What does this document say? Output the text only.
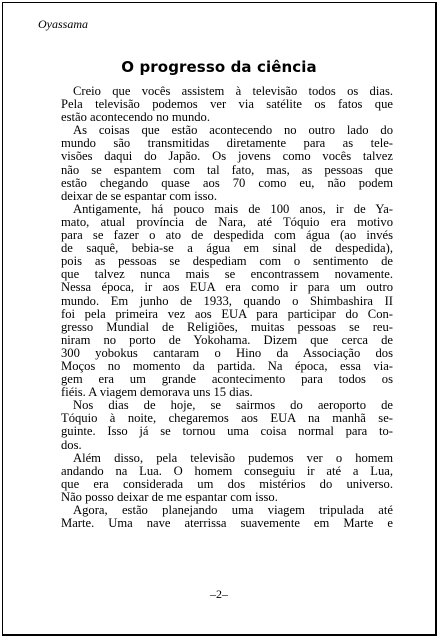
Oyassama
O progresso da ciência
Creio que vocês assistem à televisão todos os dias.
Pela televisão podemos ver via satélite os fatos que
estão acontecendo no mundo.
As coisas que estão acontecendo no outro lado do
mundo são transmitidas diretamente para as tele-
visões daqui do Japão. Os jovens como vocês talvez
não se espantem com tal fato, mas, as pessoas que
estão chegando quase aos 70 como eu, não podem
deixar de se espantar com isso.
Antigamente, há pouco mais de 100 anos, ir de Ya-
mato, atual província de Nara, até Tóquio era motivo
para se fazer o ato de despedida com água (ao invés
de saquê, bebia-se a água em sinal de despedida),
pois as pessoas se despediam com o sentimento de
que talvez nunca mais se encontrassem novamente.
Nessa época, ir aos EUA era como ir para um outro
mundo. Em junho de 1933, quando o Shimbashira II
foi pela primeira vez aos EUA para participar do Con-
gresso Mundial de Religiões, muitas pessoas se reu-
niram no porto de Yokohama. Dizem que cerca de
300 yobokus cantaram o Hino da Associação dos
Moços no momento da partida. Na época, essa via-
gem era um grande acontecimento para todos os
fiéis. A viagem demorava uns 15 dias.
Nos dias de hoje, se sairmos do aeroporto de
Tóquio à noite, chegaremos aos EUA na manhã se-
guinte. Isso já se tornou uma coisa normal para to-
dos.
Além disso, pela televisão pudemos ver o homem
andando na Lua. O homem conseguiu ir até a Lua,
que era considerada um dos mistérios do universo.
Não posso deixar de me espantar com isso.
Agora, estão planejando uma viagem tripulada até
Marte. Uma nave aterrissa suavemente em Marte e
–2–
